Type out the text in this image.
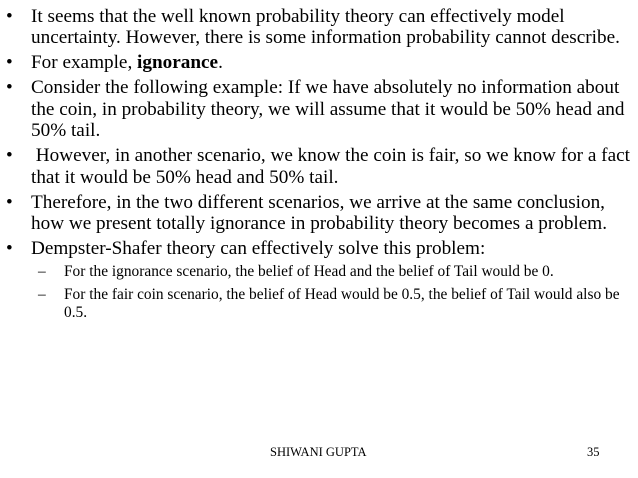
• It seems that the well known probability theory can effectively model uncertainty. However, there is some information probability cannot describe.
• For example, ignorance.
• Consider the following example: If we have absolutely no information about the coin, in probability theory, we will assume that it would be 50% head and 50% tail.
• However, in another scenario, we know the coin is fair, so we know for a fact that it would be 50% head and 50% tail.
• Therefore, in the two different scenarios, we arrive at the same conclusion, how we present totally ignorance in probability theory becomes a problem.
• Dempster-Shafer theory can effectively solve this problem:
– For the ignorance scenario, the belief of Head and the belief of Tail would be 0.
– For the fair coin scenario, the belief of Head would be 0.5, the belief of Tail would also be 0.5.
SHIWANI GUPTA	35
